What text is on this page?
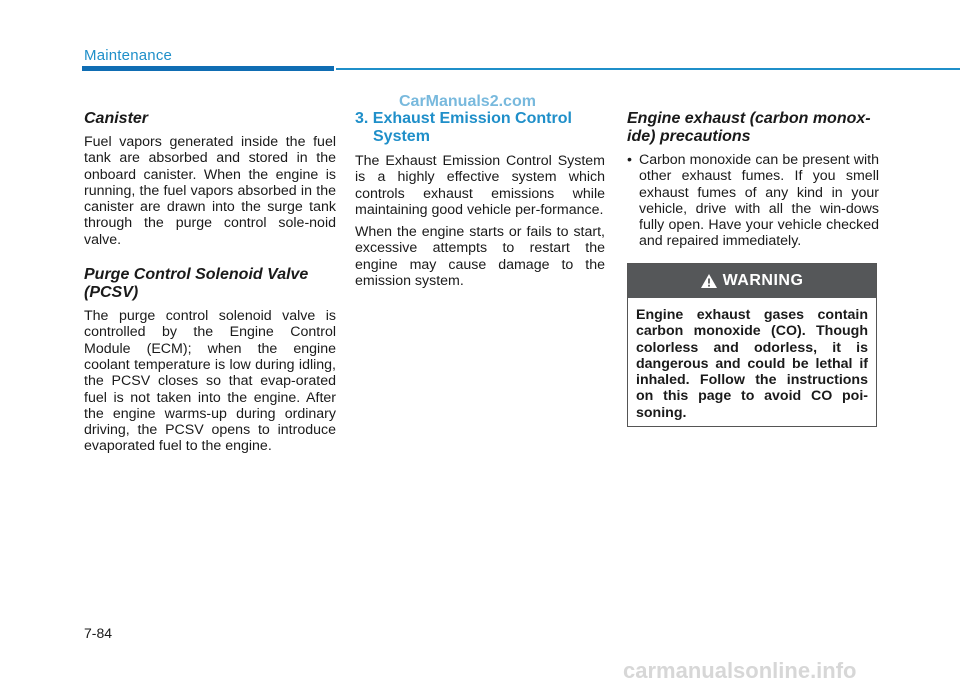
Maintenance
CarManuals2.com
Canister

Fuel vapors generated inside the fuel tank are absorbed and stored in the onboard canister. When the engine is running, the fuel vapors absorbed in the canister are drawn into the surge tank through the purge control sole-noid valve.

Purge Control Solenoid Valve
(PCSV)

The purge control solenoid valve is controlled by the Engine Control Module (ECM); when the engine coolant temperature is low during idling, the PCSV closes so that evap-orated fuel is not taken into the engine. After the engine warms-up during ordinary driving, the PCSV opens to introduce evaporated fuel to the engine.

3. Exhaust Emission Control
System

The Exhaust Emission Control System is a highly effective system which controls exhaust emissions while maintaining good vehicle per-formance.

When the engine starts or fails to start, excessive attempts to restart the engine may cause damage to the emission system.

Engine exhaust (carbon monox-
ide) precautions
• Carbon monoxide can be present with other exhaust fumes. If you smell exhaust fumes of any kind in your vehicle, drive with all the win-dows fully open. Have your vehicle checked and repaired immediately.
WARNING
Engine exhaust gases contain carbon monoxide (CO). Though colorless and odorless, it is dangerous and could be lethal if inhaled. Follow the instructions on this page to avoid CO poi-soning.
7-84
carmanualsonline.info
